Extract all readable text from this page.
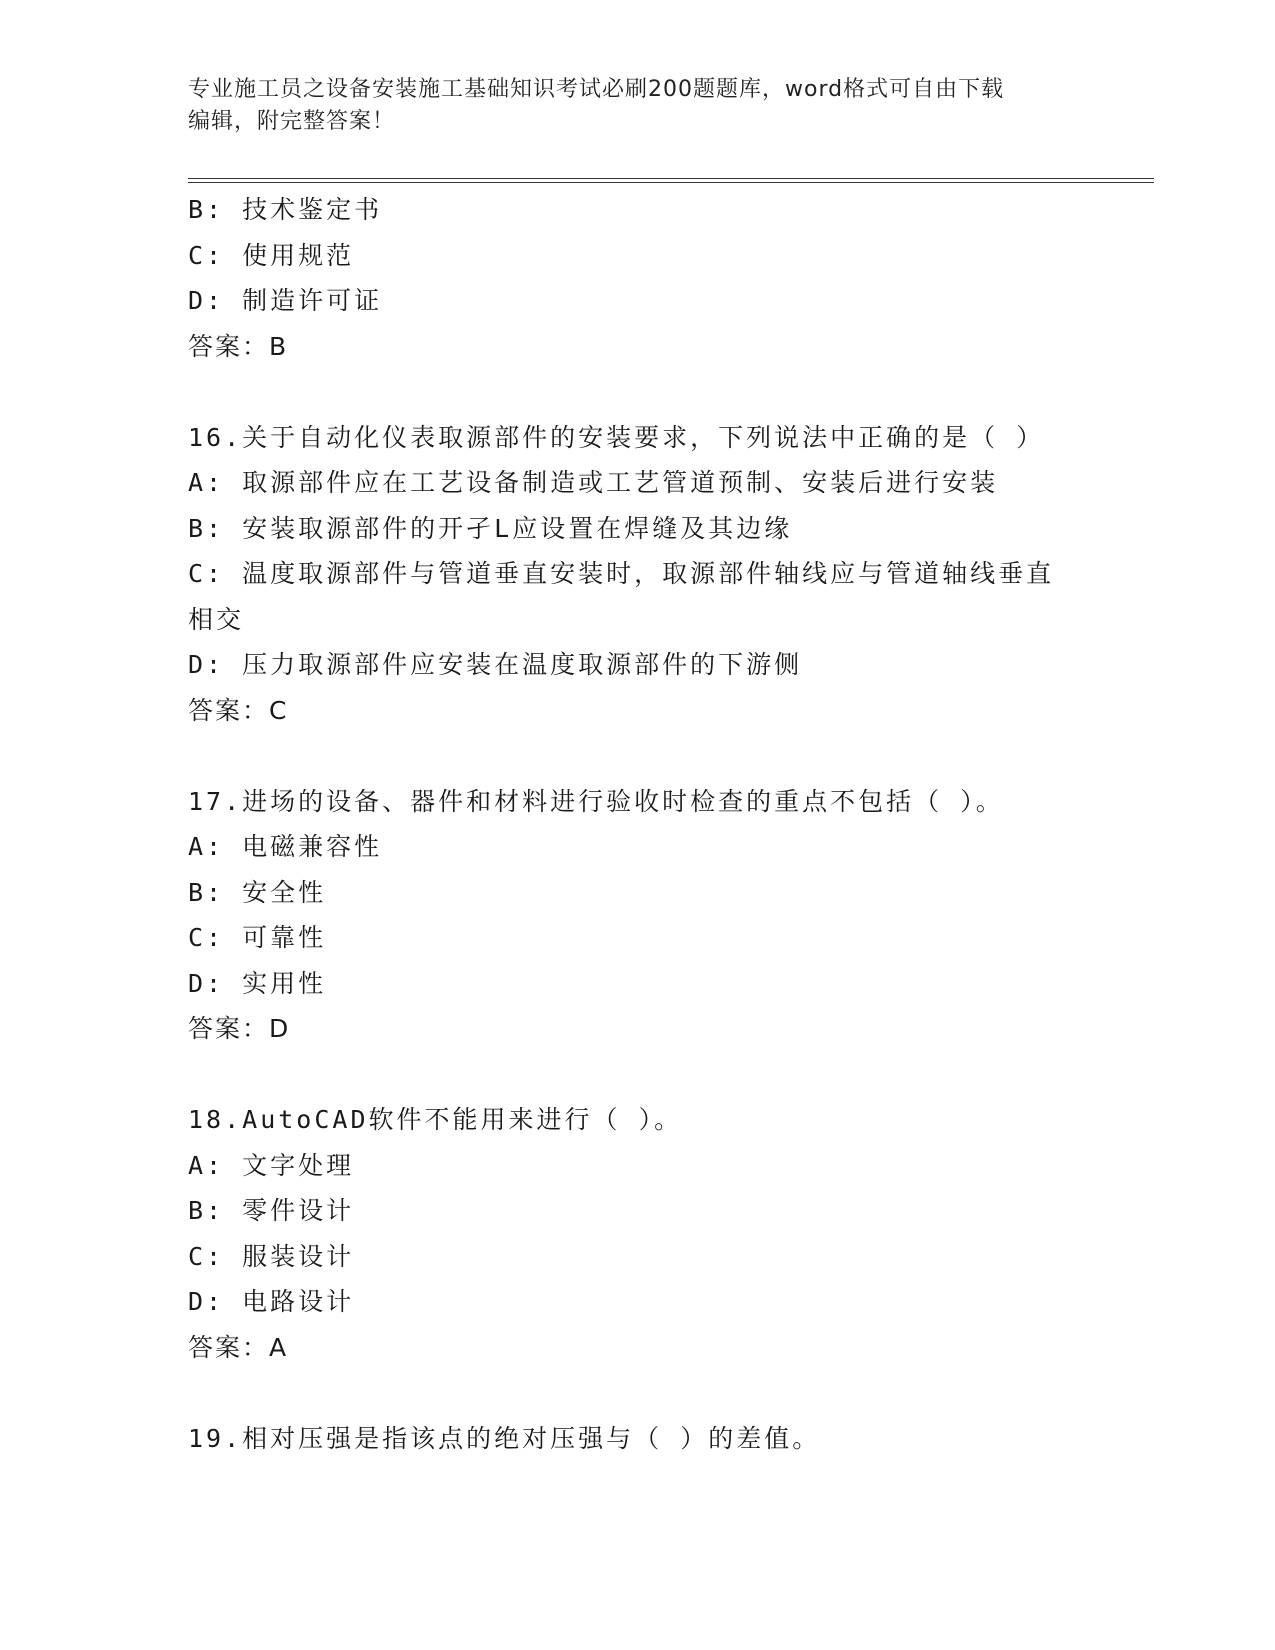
专业施工员之设备安装施工基础知识考试必刷200题题库，word格式可自由下载
编辑，附完整答案！
B: 技术鉴定书
C: 使用规范
D: 制造许可证
答案：B
16.关于自动化仪表取源部件的安装要求，下列说法中正确的是（ ）
A: 取源部件应在工艺设备制造或工艺管道预制、安装后进行安装
B: 安装取源部件的开孑L应设置在焊缝及其边缘
C: 温度取源部件与管道垂直安装时，取源部件轴线应与管道轴线垂直相交
D: 压力取源部件应安装在温度取源部件的下游侧
答案：C
17.进场的设备、器件和材料进行验收时检查的重点不包括（ ）。
A: 电磁兼容性
B: 安全性
C: 可靠性
D: 实用性
答案：D
18.AutoCAD软件不能用来进行（ ）。
A: 文字处理
B: 零件设计
C: 服装设计
D: 电路设计
答案：A
19.相对压强是指该点的绝对压强与（ ）的差值。
